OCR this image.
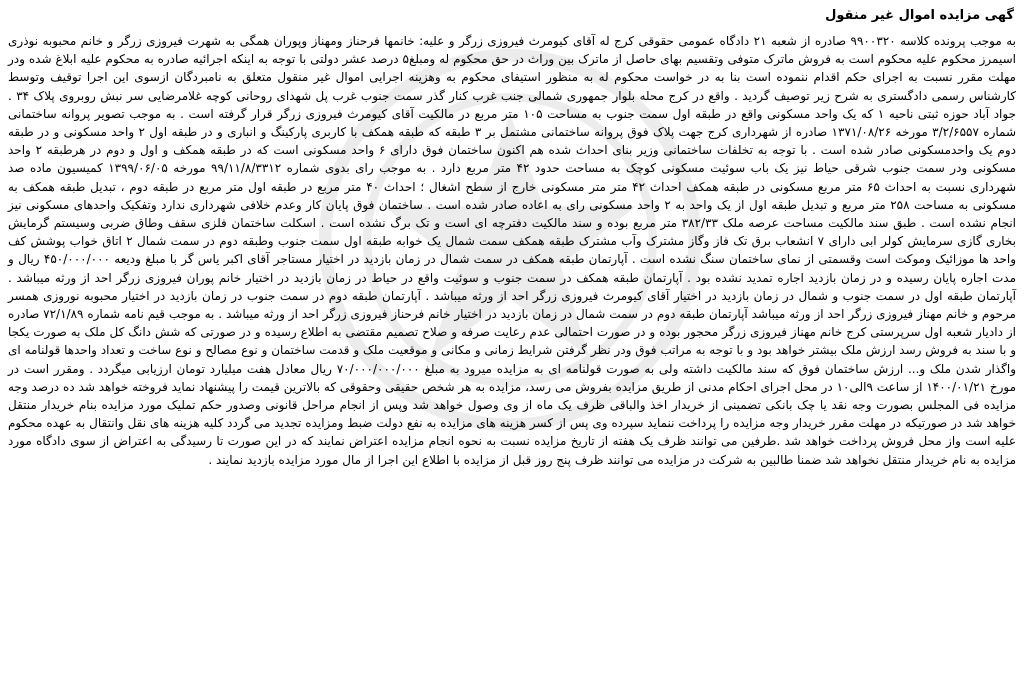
گهی مزایده اموال غیر منقول

به موجب پرونده کلاسه ۹۹۰۰۳۲۰ صادره از شعبه ۲۱ دادگاه عمومی حقوقی کرج له آقای کیومرث فیروزی زرگر و علیه: خانمها فرحناز ومهناز وپوران همگی به شهرت فیروزی زرگر و خانم محبوبه نوذری اسیمرز محکوم علیه محکوم است به فروش ماترک متوفی وتقسیم بهای حاصل از ماترک بین وراث در حق محکوم له ومبلغ۵ درصد عشر دولتی با توجه به اینکه اجرائیه صادره به محکوم علیه ابلاغ شده ودر مهلت مقرر نسبت به اجرای حکم اقدام ننموده است بنا به در خواست محکوم له به منظور استیفای محکوم به وهزینه اجرایی اموال غیر منقول متعلق به نامبردگان ازسوی این اجرا توقیف وتوسط کارشناس رسمی دادگستری به شرح زیر توصیف گردید . واقع در کرج محله بلوار جمهوری شمالی جنب غرب کنار گذر سمت جنوب غرب پل شهدای روحانی کوچه غلامرضایی سر نبش روبروی پلاک ۳۴ . جواد آباد حوزه ثبتی ناحیه ۱ که یک واحد مسکونی واقع در طبقه اول سمت جنوب به مساحت ۱۰۵ متر مربع در مالکیت آقای کیومرث فیروزی زرگر قرار گرفته است . به موجب تصویر پروانه ساختمانی شماره ۳/۲/۶۵۵۷ مورخه ۱۳۷۱/۰۸/۲۶ صادره از شهرداری کرج جهت پلاک فوق پروانه ساختمانی مشتمل بر ۳ طبقه که طبقه همکف با کاربری پارکینگ و انباری و در طبقه اول ۲ واحد مسکونی و در طبقه دوم یک واحدمسکونی صادر شده است . با توجه به تخلفات ساختمانی وزیر بنای احداث شده هم اکنون ساختمان فوق دارای ۶ واحد مسکونی است که در طبقه همکف و اول و دوم در هرطبقه ۲ واحد مسکونی ودر سمت جنوب شرقی حیاط نیز یک باب سوئیت مسکونی کوچک به مساحت حدود ۴۲ متر مربع دارد . به موجب رای بدوی شماره ۹۹/۱۱/۸/۳۳۱۲ مورخه ۱۳۹۹/۰۶/۰۵ کمیسیون ماده صد شهرداری نسبت به احداث ۶۵ متر مربع مسکونی در طبقه همکف احداث ۴۲ متر متر مسکونی خارج از سطح اشغال ؛ احداث ۴۰ متر مربع در طبقه اول متر مربع در طبقه دوم ، تبدیل طبقه همکف به مسکونی به مساحت ۲۵۸ متر مربع و تبدیل طبقه اول از یک واحد به ۲ واحد مسکونی رای به اعاده صادر شده است . ساختمان فوق پایان کار وعدم خلافی شهرداری ندارد وتفکیک واحدهای مسکونی نیز انجام نشده است . طبق سند مالکیت مساحت عرصه ملک ۳۸۲/۳۳ متر مربع بوده و سند مالکیت دفترچه ای است و تک برگ نشده است . اسکلت ساختمان فلزی سقف وطاق ضربی وسیستم گرمایش بخاری گازی سرمایش کولر ابی دارای ۷ انشعاب برق تک فاز وگاز مشترک وآب مشترک طبقه همکف سمت شمال یک خوابه طبقه اول سمت جنوب وطبقه دوم در سمت شمال ۲ اتاق خواب پوشش کف واحد ها موزائیک وموکت است وقسمتی از نمای ساختمان سنگ نشده است . آپارتمان طبقه همکف در سمت شمال در زمان بازدید در اختیار مستاجر آقای اکبر یاس گر با مبلغ ودیعه ۴۵۰/۰۰۰/۰۰۰ ریال و مدت اجاره پایان رسیده و در زمان بازدید اجاره تمدید نشده بود . آپارتمان طبقه همکف در سمت جنوب و سوئیت واقع در حیاط در زمان بازدید در اختیار خانم پوران فیروزی زرگر احد از ورثه میباشد . آپارتمان طبقه اول در سمت جنوب و شمال در زمان بازدید در اختیار آقای کیومرث فیروزی زرگر احد از ورثه میباشد . آپارتمان طبقه دوم در سمت جنوب در زمان بازدید در اختیار محبوبه نوروزی همسر مرحوم و خانم مهناز فیروزی زرگر احد از ورثه میباشد آپارتمان طبقه دوم در سمت شمال در زمان بازدید در اختیار خانم فرحناز فیروزی زرگر احد از ورثه میباشد . به موجب قیم نامه شماره ۷۲/۱/۸۹ صادره از دادیار شعبه اول سرپرستی کرج خانم مهناز فیروزی زرگر محجور بوده و در صورت احتمالی عدم رعایت صرفه و صلاح تصمیم مقتضی به اطلاع رسیده و در صورتی که شش دانگ کل ملک به صورت یکجا و با سند به فروش رسد ارزش ملک بیشتر خواهد بود و با توجه به مراتب فوق ودر نظر گرفتن شرایط زمانی و مکانی و موقعیت ملک و قدمت ساختمان و نوع مصالح و نوع ساخت و تعداد واحدها قولنامه ای واگذار شدن ملک و... ارزش ساختمان فوق که سند مالکیت داشته ولی به صورت قولنامه ای به مزایده میرود به مبلغ ۷۰/۰۰۰/۰۰۰/۰۰۰ ریال معادل هفت میلیارد تومان ارزیابی میگردد . ومقرر است در مورخ ۱۴۰۰/۰۱/۲۱ از ساعت ۹الی۱۰ در محل اجرای احکام مدنی از طریق مزایده بفروش می رسد، مزایده به هر شخص حقیقی وحقوقی که بالاترین قیمت را پیشنهاد نماید فروخته خواهد شد ده درصد وجه مزایده فی المجلس بصورت وجه نقد یا چک بانکی تضمینی از خریدار اخذ والباقی ظرف یک ماه از وی وصول خواهد شد وپس از انجام مراحل قانونی وصدور حکم تملیک مورد مزایده بنام خریدار منتقل خواهد شد در صورتیکه در مهلت مقرر خریدار وجه مزایده را پرداخت ننماید سپرده وی پس از کسر هزینه های مزایده به نفع دولت ضبط ومزایده تجدید می گردد کلیه هزینه های نقل وانتقال به عهده محکوم علیه است واز محل فروش پرداخت خواهد شد .طرفین می توانند ظرف یک هفته از تاریخ مزایده نسبت به نحوه انجام مزایده اعتراض نمایند که در این صورت تا رسیدگی به اعتراض از سوی دادگاه مورد مزایده به نام خریدار منتقل نخواهد شد ضمنا طالبین به شرکت در مزایده می توانند ظرف پنج روز قبل از مزایده با اطلاع این اجرا از مال مورد مزایده بازدید نمایند .
